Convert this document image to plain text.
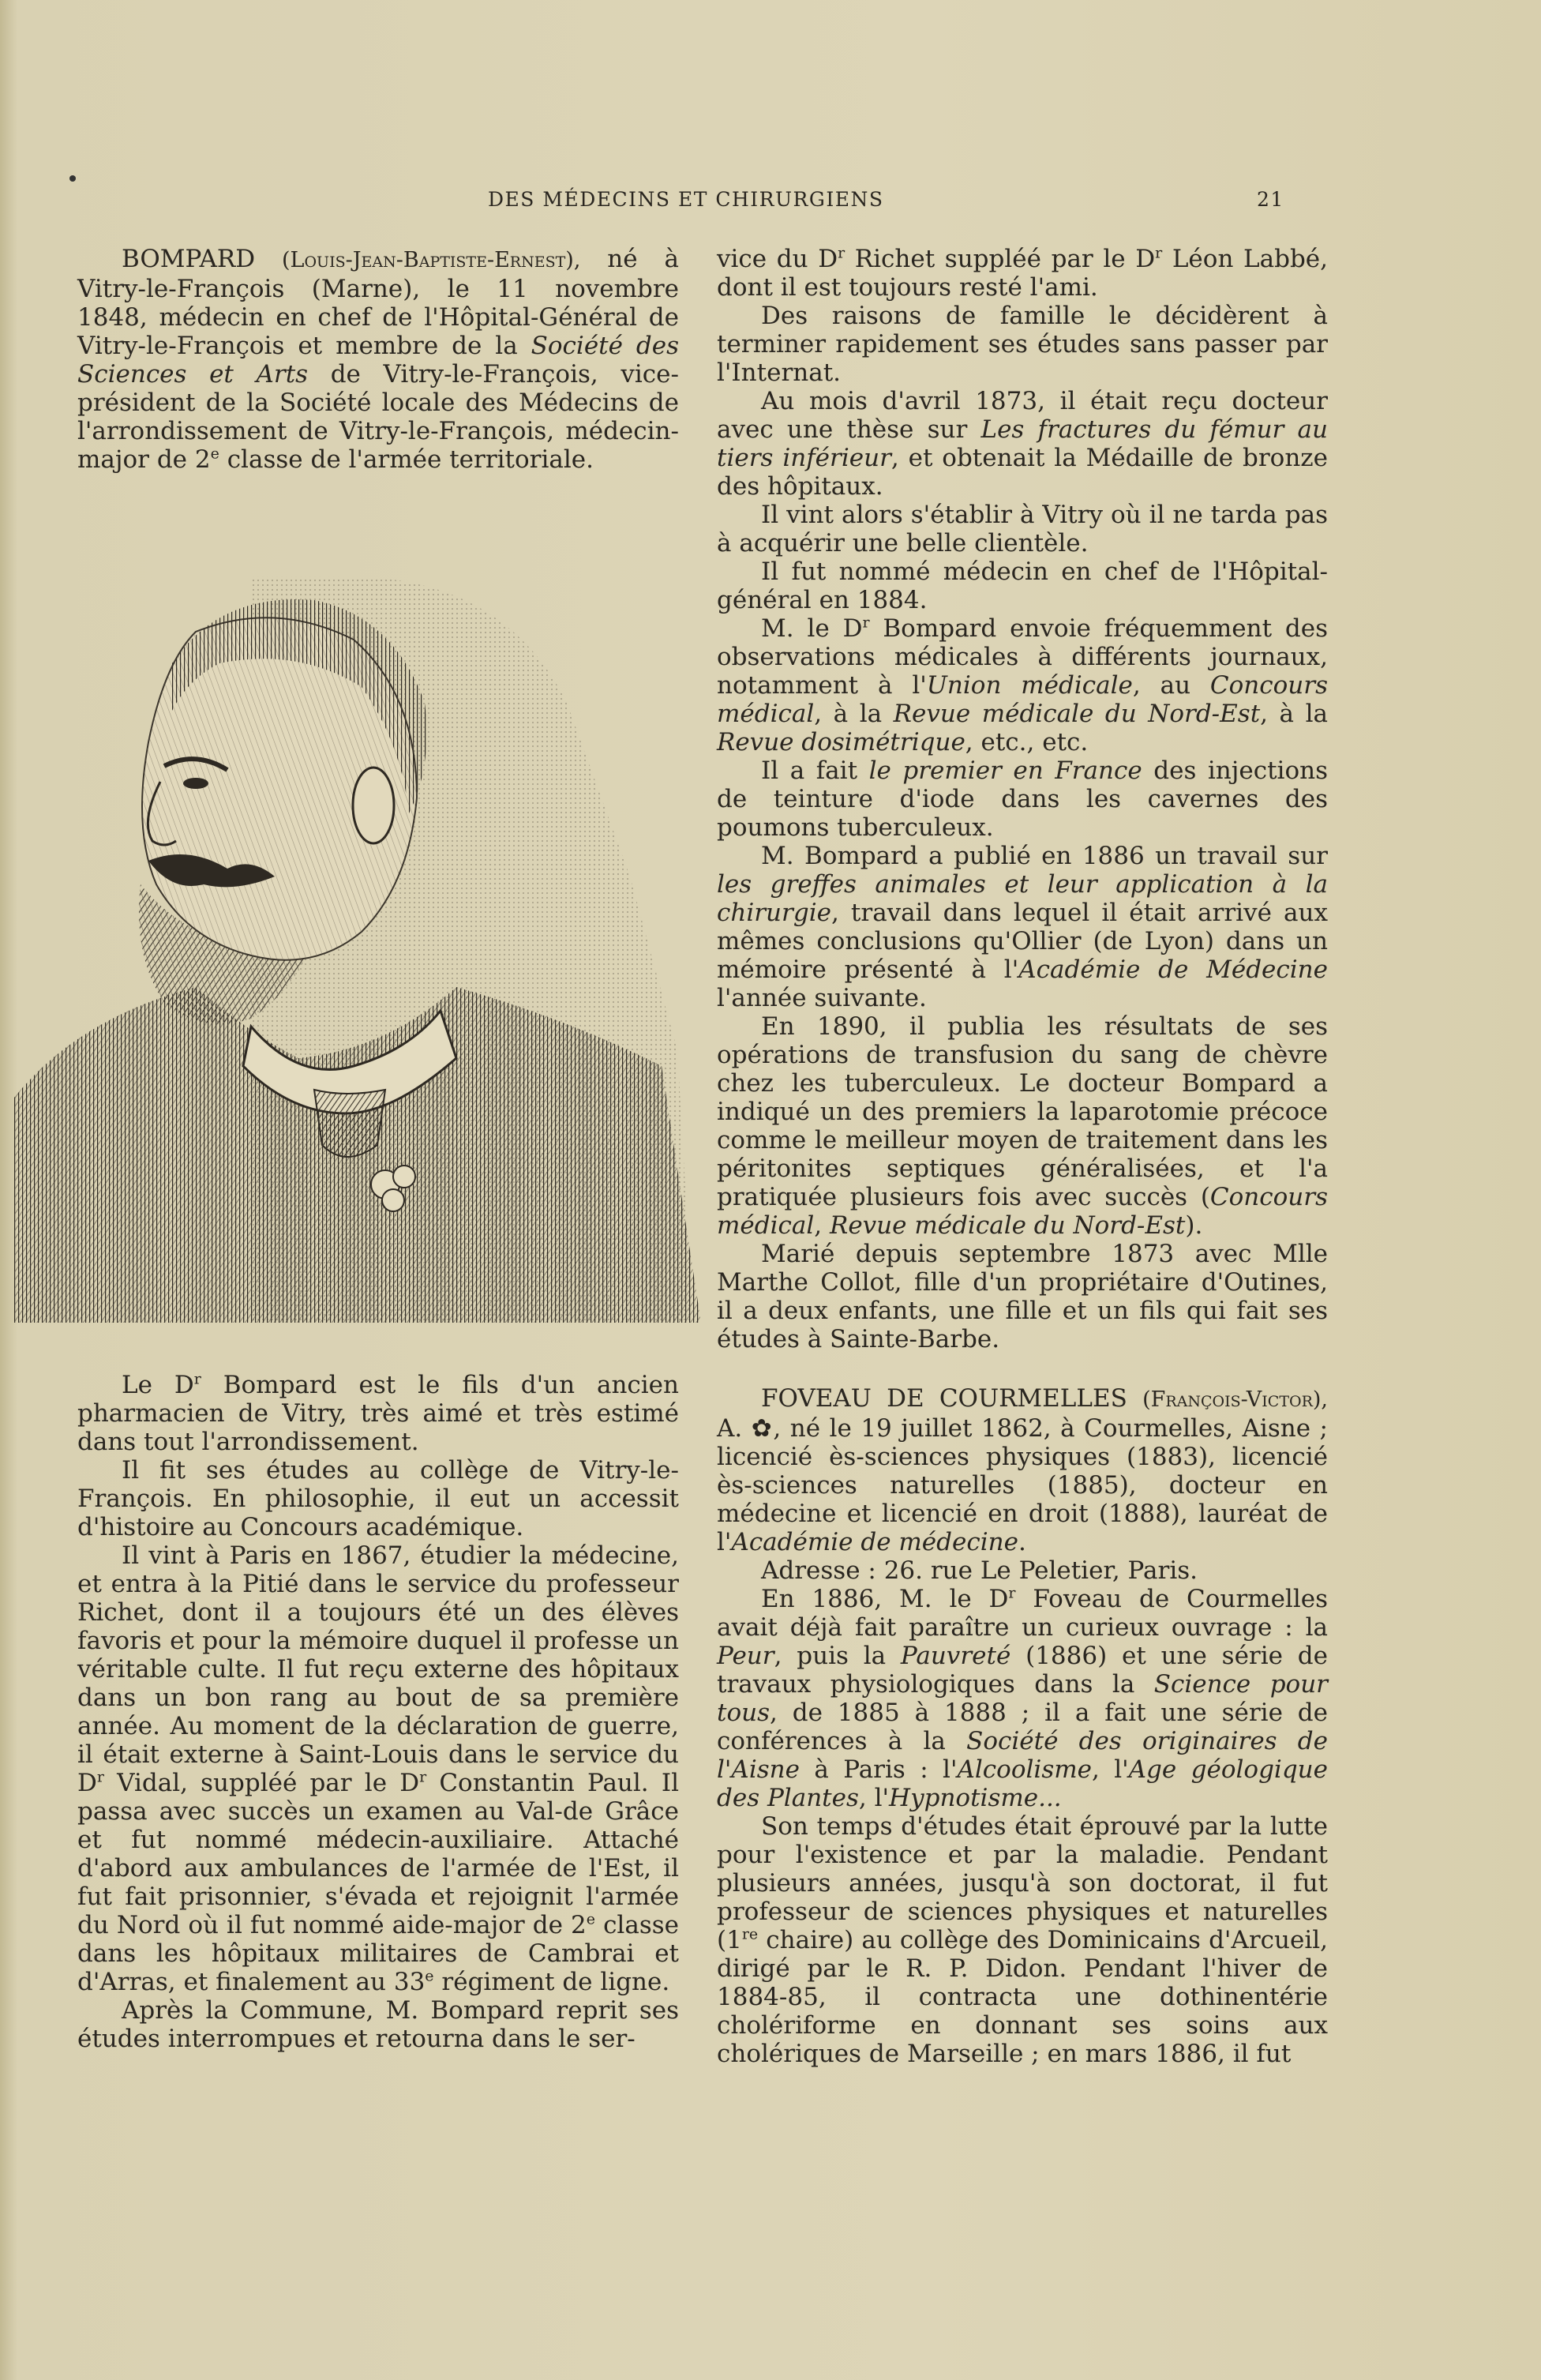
DES MÉDECINS ET CHIRURGIENS	21

BOMPARD (Louis-Jean-Baptiste-Ernest), né à Vitry-le-François (Marne), le 11 novembre 1848, médecin en chef de l'Hôpital-Général de Vitry-le-François et membre de la Société des Sciences et Arts de Vitry-le-François, vice-président de la Société locale des Médecins de l'arrondissement de Vitry-le-François, médecin-major de 2e classe de l'armée territoriale.

Le $D^r$ Bompard est le fils d'un ancien pharmacien de Vitry, très aimé et très estimé dans tout l'arrondissement.

Il fit ses études au collège de Vitry-le-François. En philosophie, il eut un accessit d'histoire au Concours académique.

Il vint à Paris en 1867, étudier la médecine, et entra à la Pitié dans le service du professeur Richet, dont il a toujours été un des élèves favoris et pour la mémoire duquel il professe un véritable culte. Il fut reçu externe des hôpitaux dans un bon rang au bout de sa première année. Au moment de la déclaration de guerre, il était externe à Saint-Louis dans le service du $D^r$ Vidal, suppléé par le $D^r$ Constantin Paul. Il passa avec succès un examen au Val-de Grâce et fut nommé médecin-auxiliaire. Attaché d'abord aux ambulances de l'armée de l'Est, il fut fait prisonnier, s'évada et rejoignit l'armée du Nord où il fut nommé aide-major de 2e classe dans les hôpitaux militaires de Cambrai et d'Arras, et finalement au 33e régiment de ligne.

Après la Commune, M. Bompard reprit ses études interrompues et retourna dans le ser-

vice du $D^r$ Richet suppléé par le $D^r$ Léon Labbé, dont il est toujours resté l'ami.

Des raisons de famille le décidèrent à terminer rapidement ses études sans passer par l'Internat.

Au mois d'avril 1873, il était reçu docteur avec une thèse sur Les fractures du fémur au tiers inférieur, et obtenait la Médaille de bronze des hôpitaux.

Il vint alors s'établir à Vitry où il ne tarda pas à acquérir une belle clientèle.

Il fut nommé médecin en chef de l'Hôpital-général en 1884.

M. le $D^r$ Bompard envoie fréquemment des observations médicales à différents journaux, notamment à l'Union médicale, au Concours médical, à la Revue médicale du Nord-Est, à la Revue dosimétrique, etc., etc.

Il a fait le premier en France des injections de teinture d'iode dans les cavernes des poumons tuberculeux.

M. Bompard a publié en 1886 un travail sur les greffes animales et leur application à la chirurgie, travail dans lequel il était arrivé aux mêmes conclusions qu'Ollier (de Lyon) dans un mémoire présenté à l'Académie de Médecine l'année suivante.

En 1890, il publia les résultats de ses opérations de transfusion du sang de chèvre chez les tuberculeux. Le docteur Bompard a indiqué un des premiers la laparotomie précoce comme le meilleur moyen de traitement dans les péritonites septiques généralisées, et l'a pratiquée plusieurs fois avec succès (Concours médical, Revue médicale du Nord-Est).

Marié depuis septembre 1873 avec Mlle Marthe Collot, fille d'un propriétaire d'Outines, il a deux enfants, une fille et un fils qui fait ses études à Sainte-Barbe.

FOVEAU DE COURMELLES (François-Victor), A. ✿, né le 19 juillet 1862, à Courmelles, Aisne ; licencié ès-sciences physiques (1883), licencié ès-sciences naturelles (1885), docteur en médecine et licencié en droit (1888), lauréat de l'Académie de médecine.

Adresse : 26. rue Le Peletier, Paris.

En 1886, M. le $D^r$ Foveau de Courmelles avait déjà fait paraître un curieux ouvrage : la Peur, puis la Pauvreté (1886) et une série de travaux physiologiques dans la Science pour tous, de 1885 à 1888 ; il a fait une série de conférences à la Société des originaires de l'Aisne à Paris : l'Alcoolisme, l'Age géologique des Plantes, l'Hypnotisme...

Son temps d'études était éprouvé par la lutte pour l'existence et par la maladie. Pendant plusieurs années, jusqu'à son doctorat, il fut professeur de sciences physiques et naturelles (1re chaire) au collège des Dominicains d'Arcueil, dirigé par le R. P. Didon. Pendant l'hiver de 1884-85, il contracta une dothinentérie cholériforme en donnant ses soins aux cholériques de Marseille ; en mars 1886, il fut
